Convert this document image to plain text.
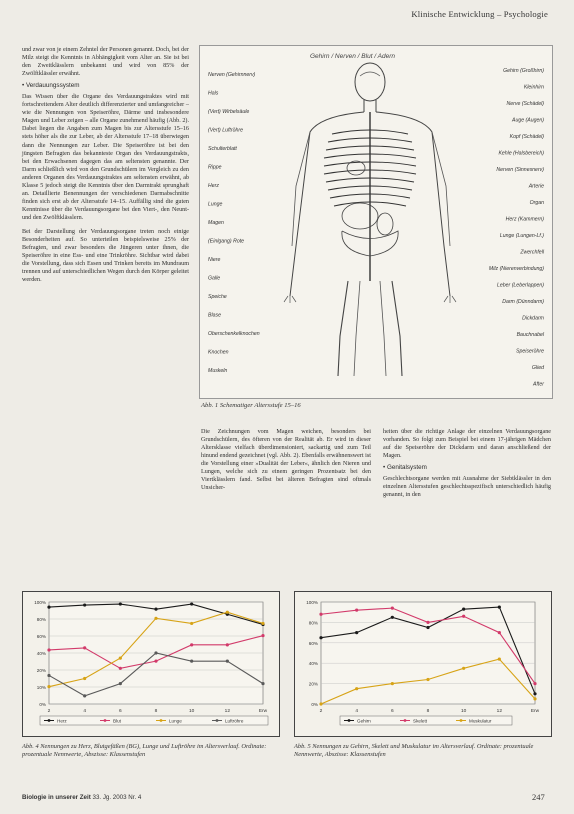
Klinische Entwicklung – Psychologie

und zwar von je einem Zehntel der Personen genannt. Doch, bei der Milz steigt die Kenntnis in Abhängigkeit vom Alter an. Sie ist bei den Zweitklässlern unbekannt und wird von 85% der Zwölftklässler erwähnt.

• Verdauungssystem

Das Wissen über die Organe des Verdauungstraktes wird mit fortschreitendem Alter deutlich differenzierter und umfangreicher – wie die Nennungen von Speiseröhre, Därme und insbesondere Magen und Leber zeigen – alle Organe zunehmend häufig (Abb. 2). Dabei liegen die Angaben zum Magen bis zur Altersstufe 15–16 stets höher als die zur Leber, ab der Altersstufe 17–18 überwiegen dann die Nennungen zur Leber. Die Speiseröhre ist bei den jüngsten Befragten das bekannteste Organ des Verdauungstrakts, bei den Erwachsenen dagegen das am seltensten genannte. Der Darm schließlich wird von den Grundschülern im Vergleich zu den anderen Organen des Verdauungstraktes am seltensten erwähnt, ab Klasse 5 jedoch steigt die Kenntnis über den Darmtrakt sprunghaft an. Detaillierte Benennungen der verschiedenen Darmabschnitte finden sich erst ab der Altersstufe 14–15. Auffällig sind die guten Kenntnisse über die Verdauungsorgane bei den Viert-, den Neunt- und den Zwölftklässlern.

Bei der Darstellung der Verdauungsorgane treten noch einige Besonderheiten auf. So unterteilen beispielsweise 25% der Befragten, und zwar besonders die Jüngeren unter ihnen, die Speiseröhre in eine Ess- und eine Trinkröhre. Sichtbar wird dabei die Vorstellung, dass sich Essen und Trinken bereits im Mundraum trennen und auf unterschiedlichen Wegen durch den Körper geleitet werden.

Gehirn / Nerven / Blut / Adern
Nerven (Gehirnnerv)
Hals
(Vert) Wirbelsäule
(Vert) Luftröhre
Schulterblatt
Rippe
Herz
Lunge
Magen
(Einlgang) Rote
Niere
Galle
Speiche
Blase
Oberschenkelknochen
Knochen
Muskeln
Gehirn (Großhirn)
Kleinhirn
Nerve (Schädel)
Auge (Augen)
Kopf (Schädel)
Kehle (Halsbereich)
Nerven (Sinnesnerv)
Arterie
Organ
Herz (Kammern)
Lunge (Lungen-Lf.)
Zwerchfell
Milz (Nierenverbindung)
Leber (Leberlappen)
Darm (Dünndarm)
Dickdarm
Bauchnabel
Speiseröhre
Glied
After
Abb. 1 Schematiger Altersstufe 15–16

Die Zeichnungen vom Magen weichen, besonders bei Grundschülern, des öfteren von der Realität ab. Er wird in dieser Altersklasse vielfach überdimensioniert, sackartig und zum Teil hinund endend gezeichnet (vgl. Abb. 2). Ebenfalls erwähnenswert ist die Vorstellung einer »Dualität der Leber«, ähnlich den Nieren und Lungen, welche sich zu einem geringen Prozentsatz bei den Viertklässlern fand. Selbst bei älteren Befragten sind oftmals Unsicher-

heiten über die richtige Anlage der einzelnen Verdauungsorgane vorhanden. So folgt zum Beispiel bei einem 17-jährigen Mädchen auf die Speiseröhre der Dickdarm und daran anschließend der Magen.

• Genitalsystem

Geschlechtsorgane werden mit Ausnahme der Siebtklässler in den einzelnen Altersstufen geschlechtsspezifisch unterschiedlich häufig genannt, in den

0%
10%
20%
40%
60%
80%
100%
2	4	6	8	10	12	Erw
Herz	Blut	Lunge	Luftröhre
Abb. 4 Nennungen zu Herz, Blutgefäßen (BG), Lunge und Luftröhre im Altersverlauf. Ordinate: prozentuale Nennwerte, Abszisse: Klassenstufen
0%
20%
40%
60%
80%
100%
2	4	6	8	10	12	Erw
Gehirn	Skelett	Muskulatur
Abb. 5 Nennungen zu Gehirn, Skelett und Muskulatur im Altersverlauf. Ordinate: prozentuale Nennwerte, Abszisse: Klassenstufen
Biologie in unserer Zeit 33. Jg. 2003 Nr. 4	247
